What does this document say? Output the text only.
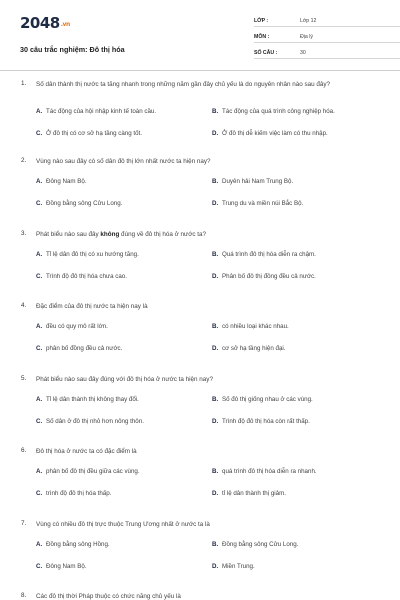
2048.vn
30 câu trắc nghiệm: Đô thị hóa
LỚP :	Lớp 12
MÔN :	Địa lý
SỐ CÂU :	30
1. Số dân thành thị nước ta tăng nhanh trong những năm gần đây chủ yếu là do nguyên nhân nào sau đây?
A. Tác động của hội nhập kinh tế toàn cầu.	B. Tác động của quá trình công nghiệp hóa.
C. Ở đô thị có cơ sở hạ tầng càng tốt.	D. Ở đô thị dễ kiếm việc làm có thu nhập.
2. Vùng nào sau đây có số dân đô thị lớn nhất nước ta hiện nay?
A. Đông Nam Bộ.	B. Duyên hải Nam Trung Bộ.
C. Đồng bằng sông Cửu Long.	D. Trung du và miền núi Bắc Bộ.
3. Phát biểu nào sau đây không đúng về đô thị hóa ở nước ta?
A. Tỉ lệ dân đô thị có xu hướng tăng.	B. Quá trình đô thị hóa diễn ra chậm.
C. Trình độ đô thị hóa chưa cao.	D. Phân bố đô thị đồng đều cả nước.
4. Đặc điểm của đô thị nước ta hiện nay là
A. đều có quy mô rất lớn.	B. có nhiều loại khác nhau.
C. phân bố đồng đều cả nước.	D. cơ sở hạ tầng hiện đại.
5. Phát biểu nào sau đây đúng với đô thị hóa ở nước ta hiện nay?
A. Tỉ lệ dân thành thị không thay đổi.	B. Số đô thị giống nhau ở các vùng.
C. Số dân ở đô thị nhỏ hơn nông thôn.	D. Trình độ đô thị hóa còn rất thấp.
6. Đô thị hóa ở nước ta có đặc điểm là
A. phân bố đô thị đều giữa các vùng.	B. quá trình đô thị hóa diễn ra nhanh.
C. trình độ đô thị hóa thấp.	D. tỉ lệ dân thành thị giảm.
7. Vùng có nhiều đô thị trực thuộc Trung Ương nhất ở nước ta là
A. Đồng bằng sông Hồng.	B. Đồng bằng sông Cửu Long.
C. Đông Nam Bộ.	D. Miền Trung.
8. Các đô thị thời Pháp thuộc có chức năng chủ yếu là
